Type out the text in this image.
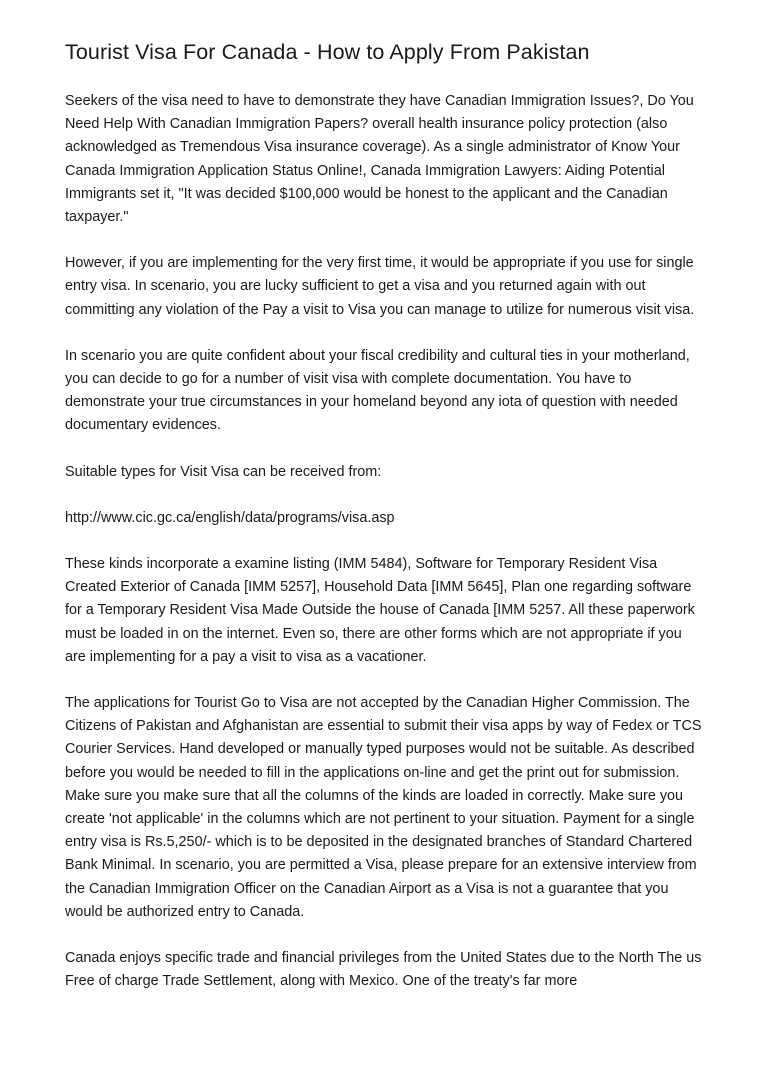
Tourist Visa For Canada - How to Apply From Pakistan

Seekers of the visa need to have to demonstrate they have Canadian Immigration Issues?, Do You Need Help With Canadian Immigration Papers? overall health insurance policy protection (also acknowledged as Tremendous Visa insurance coverage). As a single administrator of Know Your Canada Immigration Application Status Online!, Canada Immigration Lawyers: Aiding Potential Immigrants set it, "It was decided $100,000 would be honest to the applicant and the Canadian taxpayer."

However, if you are implementing for the very first time, it would be appropriate if you use for single entry visa. In scenario, you are lucky sufficient to get a visa and you returned again with out committing any violation of the Pay a visit to Visa you can manage to utilize for numerous visit visa.

In scenario you are quite confident about your fiscal credibility and cultural ties in your motherland, you can decide to go for a number of visit visa with complete documentation. You have to demonstrate your true circumstances in your homeland beyond any iota of question with needed documentary evidences.

Suitable types for Visit Visa can be received from:

http://www.cic.gc.ca/english/data/programs/visa.asp

These kinds incorporate a examine listing (IMM 5484), Software for Temporary Resident Visa Created Exterior of Canada [IMM 5257], Household Data [IMM 5645], Plan one regarding software for a Temporary Resident Visa Made Outside the house of Canada [IMM 5257. All these paperwork must be loaded in on the internet. Even so, there are other forms which are not appropriate if you are implementing for a pay a visit to visa as a vacationer.

The applications for Tourist Go to Visa are not accepted by the Canadian Higher Commission. The Citizens of Pakistan and Afghanistan are essential to submit their visa apps by way of Fedex or TCS Courier Services. Hand developed or manually typed purposes would not be suitable. As described before you would be needed to fill in the applications on-line and get the print out for submission. Make sure you make sure that all the columns of the kinds are loaded in correctly. Make sure you create 'not applicable' in the columns which are not pertinent to your situation. Payment for a single entry visa is Rs.5,250/- which is to be deposited in the designated branches of Standard Chartered Bank Minimal. In scenario, you are permitted a Visa, please prepare for an extensive interview from the Canadian Immigration Officer on the Canadian Airport as a Visa is not a guarantee that you would be authorized entry to Canada.

Canada enjoys specific trade and financial privileges from the United States due to the North The us Free of charge Trade Settlement, along with Mexico. One of the treaty's far more
